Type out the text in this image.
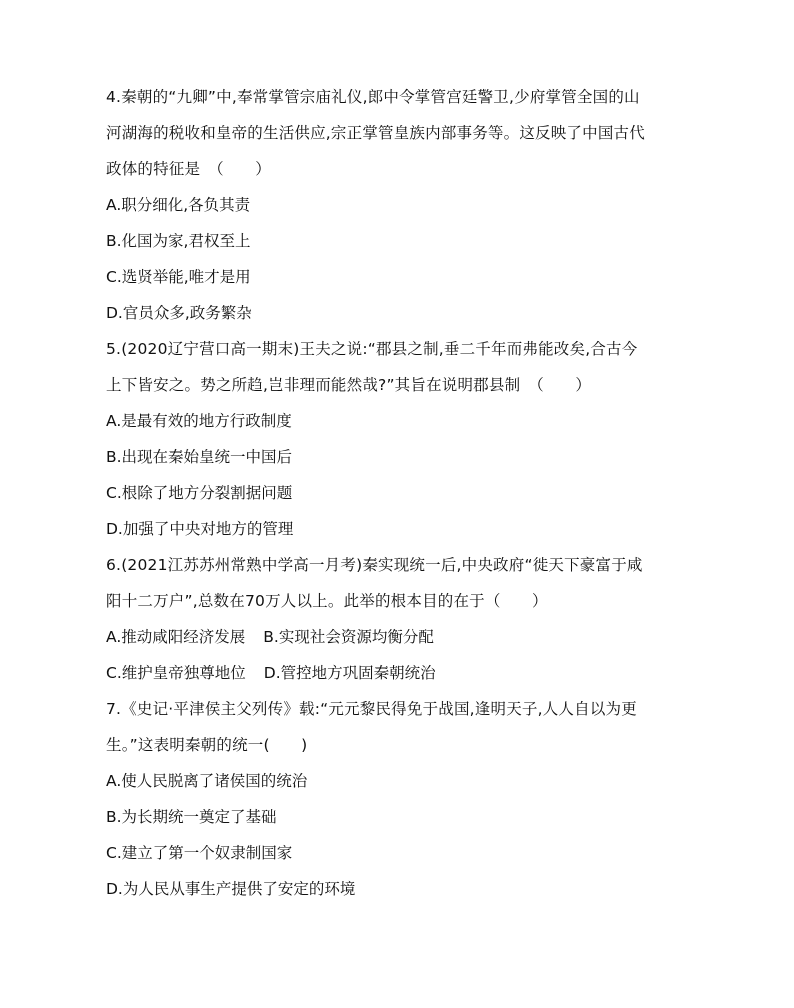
4.秦朝的“九卿”中,奉常掌管宗庙礼仪,郎中令掌管宫廷警卫,少府掌管全国的山
河湖海的税收和皇帝的生活供应,宗正掌管皇族内部事务等。这反映了中国古代
政体的特征是　（　　）
A.职分细化,各负其责
B.化国为家,君权至上
C.选贤举能,唯才是用
D.官员众多,政务繁杂
5.(2020辽宁营口高一期末)王夫之说:“郡县之制,垂二千年而弗能改矣,合古今
上下皆安之。势之所趋,岂非理而能然哉?”其旨在说明郡县制　（　　）
A.是最有效的地方行政制度
B.出现在秦始皇统一中国后
C.根除了地方分裂割据问题
D.加强了中央对地方的管理
6.(2021江苏苏州常熟中学高一月考)秦实现统一后,中央政府“徙天下豪富于咸
阳十二万户”,总数在70万人以上。此举的根本目的在于（　　）
A.推动咸阳经济发展 B.实现社会资源均衡分配
C.维护皇帝独尊地位 D.管控地方巩固秦朝统治
7.《史记·平津侯主父列传》载:“元元黎民得免于战国,逢明天子,人人自以为更
生。”这表明秦朝的统一(　　)
A.使人民脱离了诸侯国的统治
B.为长期统一奠定了基础
C.建立了第一个奴隶制国家
D.为人民从事生产提供了安定的环境
